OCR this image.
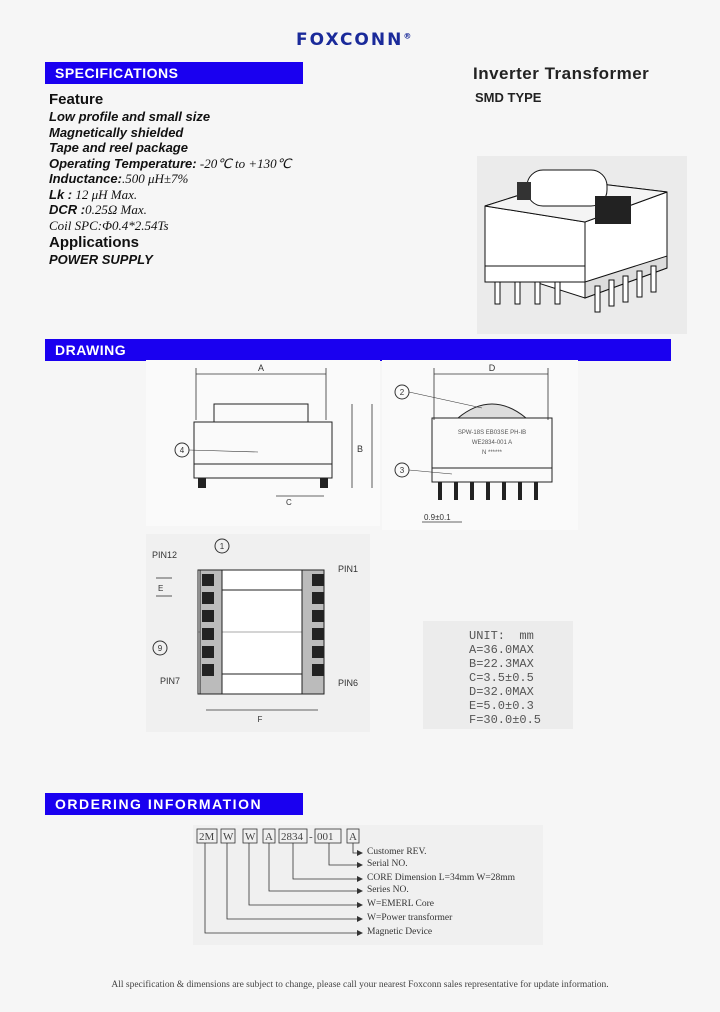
FOXCONN®
SPECIFICATIONS	Inverter Transformer
SMD TYPE
Feature
Low profile and small size
Magnetically shielded
Tape and reel package
Operating Temperature: -20℃ to +130℃
Inductance:.500 μH±7%
Lk : 12 μH Max.
DCR :0.25Ω Max.
Coil SPC:Φ0.4*2.54Ts
Applications
POWER SUPPLY
DRAWING
A
B
4
C
D
SPW-18S EB03SE PH-IB
WE2834-001 A
N ******
2
3
0.9±0.1
PIN12
PIN1
PIN7	PIN6
1
9
E
F
UNIT:  mm
A=36.0MAX
B=22.3MAX
C=3.5±0.5
D=32.0MAX
E=5.0±0.3
F=30.0±0.5
ORDERING INFORMATION
2M W W A 2834 - 001 A
Customer REV.
Serial NO.
CORE Dimension L=34mm W=28mm
Series NO.
W=EMERL Core
W=Power transformer
Magnetic Device
All specification & dimensions are subject to change, please call your nearest Foxconn sales representative for update information.
